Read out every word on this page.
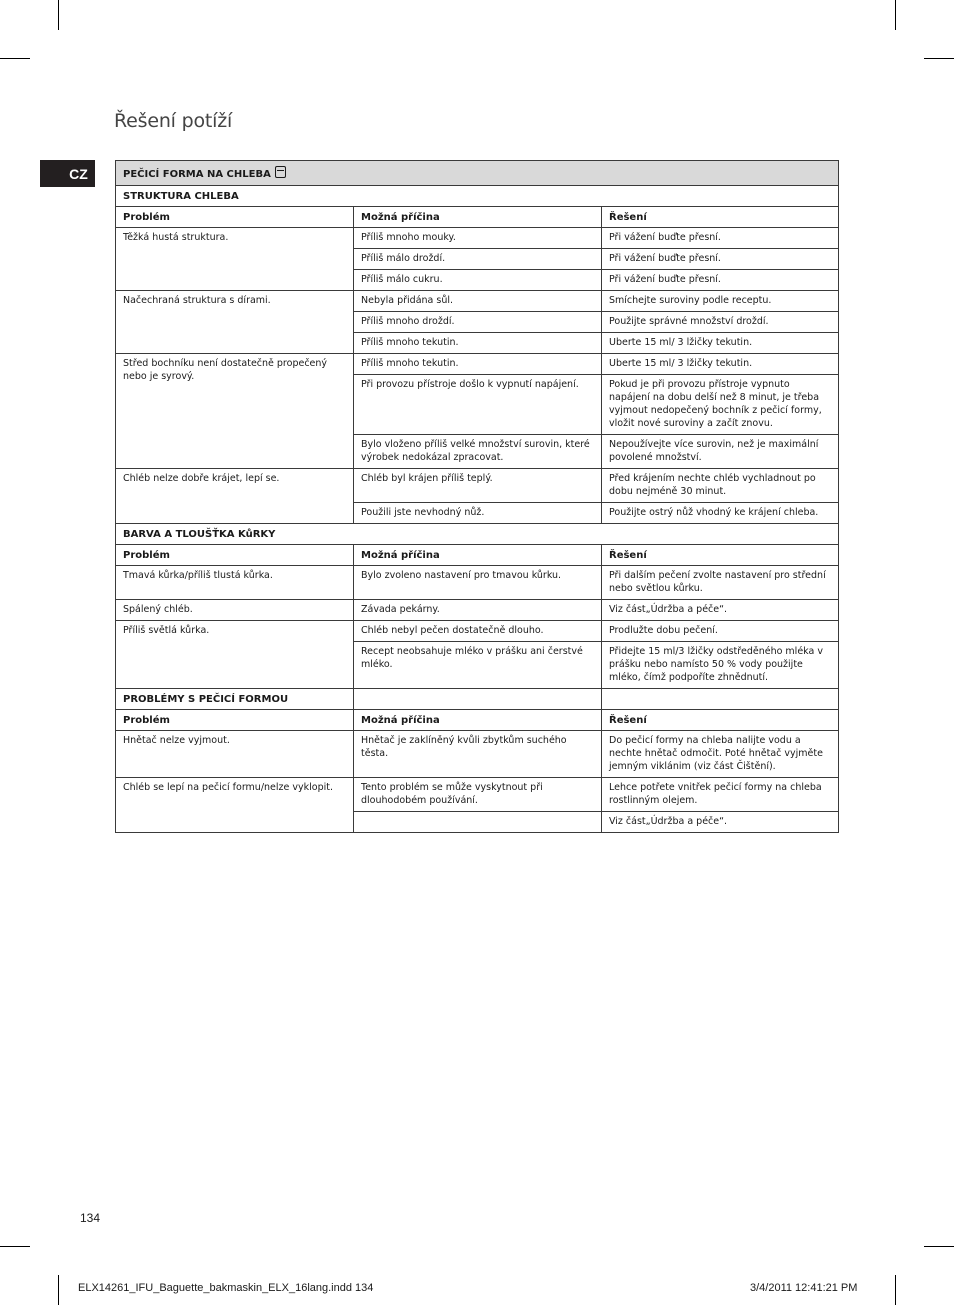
Řešení potíží
CZ	PEČICÍ FORMA NA CHLEBA		
STRUKTURA CHLEBA		
Problém	Možná příčina	Řešení
Těžká hustá struktura.	Příliš mnoho mouky.	Při vážení buďte přesní.
	Příliš málo droždí.	Při vážení buďte přesní.
	Příliš málo cukru.	Při vážení buďte přesní.
Načechraná struktura s dírami.	Nebyla přidána sůl.	Smíchejte suroviny podle receptu.
	Příliš mnoho droždí.	Použijte správné množství droždí.
	Příliš mnoho tekutin.	Uberte 15 ml/ 3 lžičky tekutin.
Střed bochníku není dostatečně propečený nebo je syrový.	Příliš mnoho tekutin.	Uberte 15 ml/ 3 lžičky tekutin.
	Při provozu přístroje došlo k vypnutí napájení.	Pokud je při provozu přístroje vypnuto napájení na dobu delší než 8 minut, je třeba vyjmout nedopečený bochník z pečicí formy, vložit nové suroviny a začít znovu.
	Bylo vloženo příliš velké množství surovin, které výrobek nedokázal zpracovat.	Nepoužívejte více surovin, než je maximální povolené množství.
Chléb nelze dobře krájet, lepí se.	Chléb byl krájen příliš teplý.	Před krájením nechte chléb vychladnout po dobu nejméně 30 minut.
	Použili jste nevhodný nůž.	Použijte ostrý nůž vhodný ke krájení chleba.
BARVA A TLOUŠŤKA KůRKY		
Problém	Možná příčina	Řešení
Tmavá kůrka/příliš tlustá kůrka.	Bylo zvoleno nastavení pro tmavou kůrku.	Při dalším pečení zvolte nastavení pro střední nebo světlou kůrku.
Spálený chléb.	Závada pekárny.	Viz část„Údržba a péče“.
Příliš světlá kůrka.	Chléb nebyl pečen dostatečně dlouho.	Prodlužte dobu pečení.
	Recept neobsahuje mléko v prášku ani čerstvé mléko.	Přidejte 15 ml/3 lžičky odstředěného mléka v prášku nebo namísto 50 % vody použijte mléko, čímž podpoříte zhnědnutí.
PROBLÉMY S PEČICÍ FORMOU		
Problém	Možná příčina	Řešení
Hnětač nelze vyjmout.	Hnětač je zaklíněný kvůli zbytkům suchého těsta.	Do pečicí formy na chleba nalijte vodu a nechte hnětač odmočit. Poté hnětač vyjměte jemným viklánim (viz část Čištění).
Chléb se lepí na pečicí formu/nelze vyklopit.	Tento problém se může vyskytnout při dlouhodobém používání.	Lehce potřete vnitřek pečicí formy na chleba rostlinným olejem.
		Viz část„Údržba a péče“.
134
ELX14261_IFU_Baguette_bakmaskin_ELX_16lang.indd 134	3/4/2011 12:41:21 PM
